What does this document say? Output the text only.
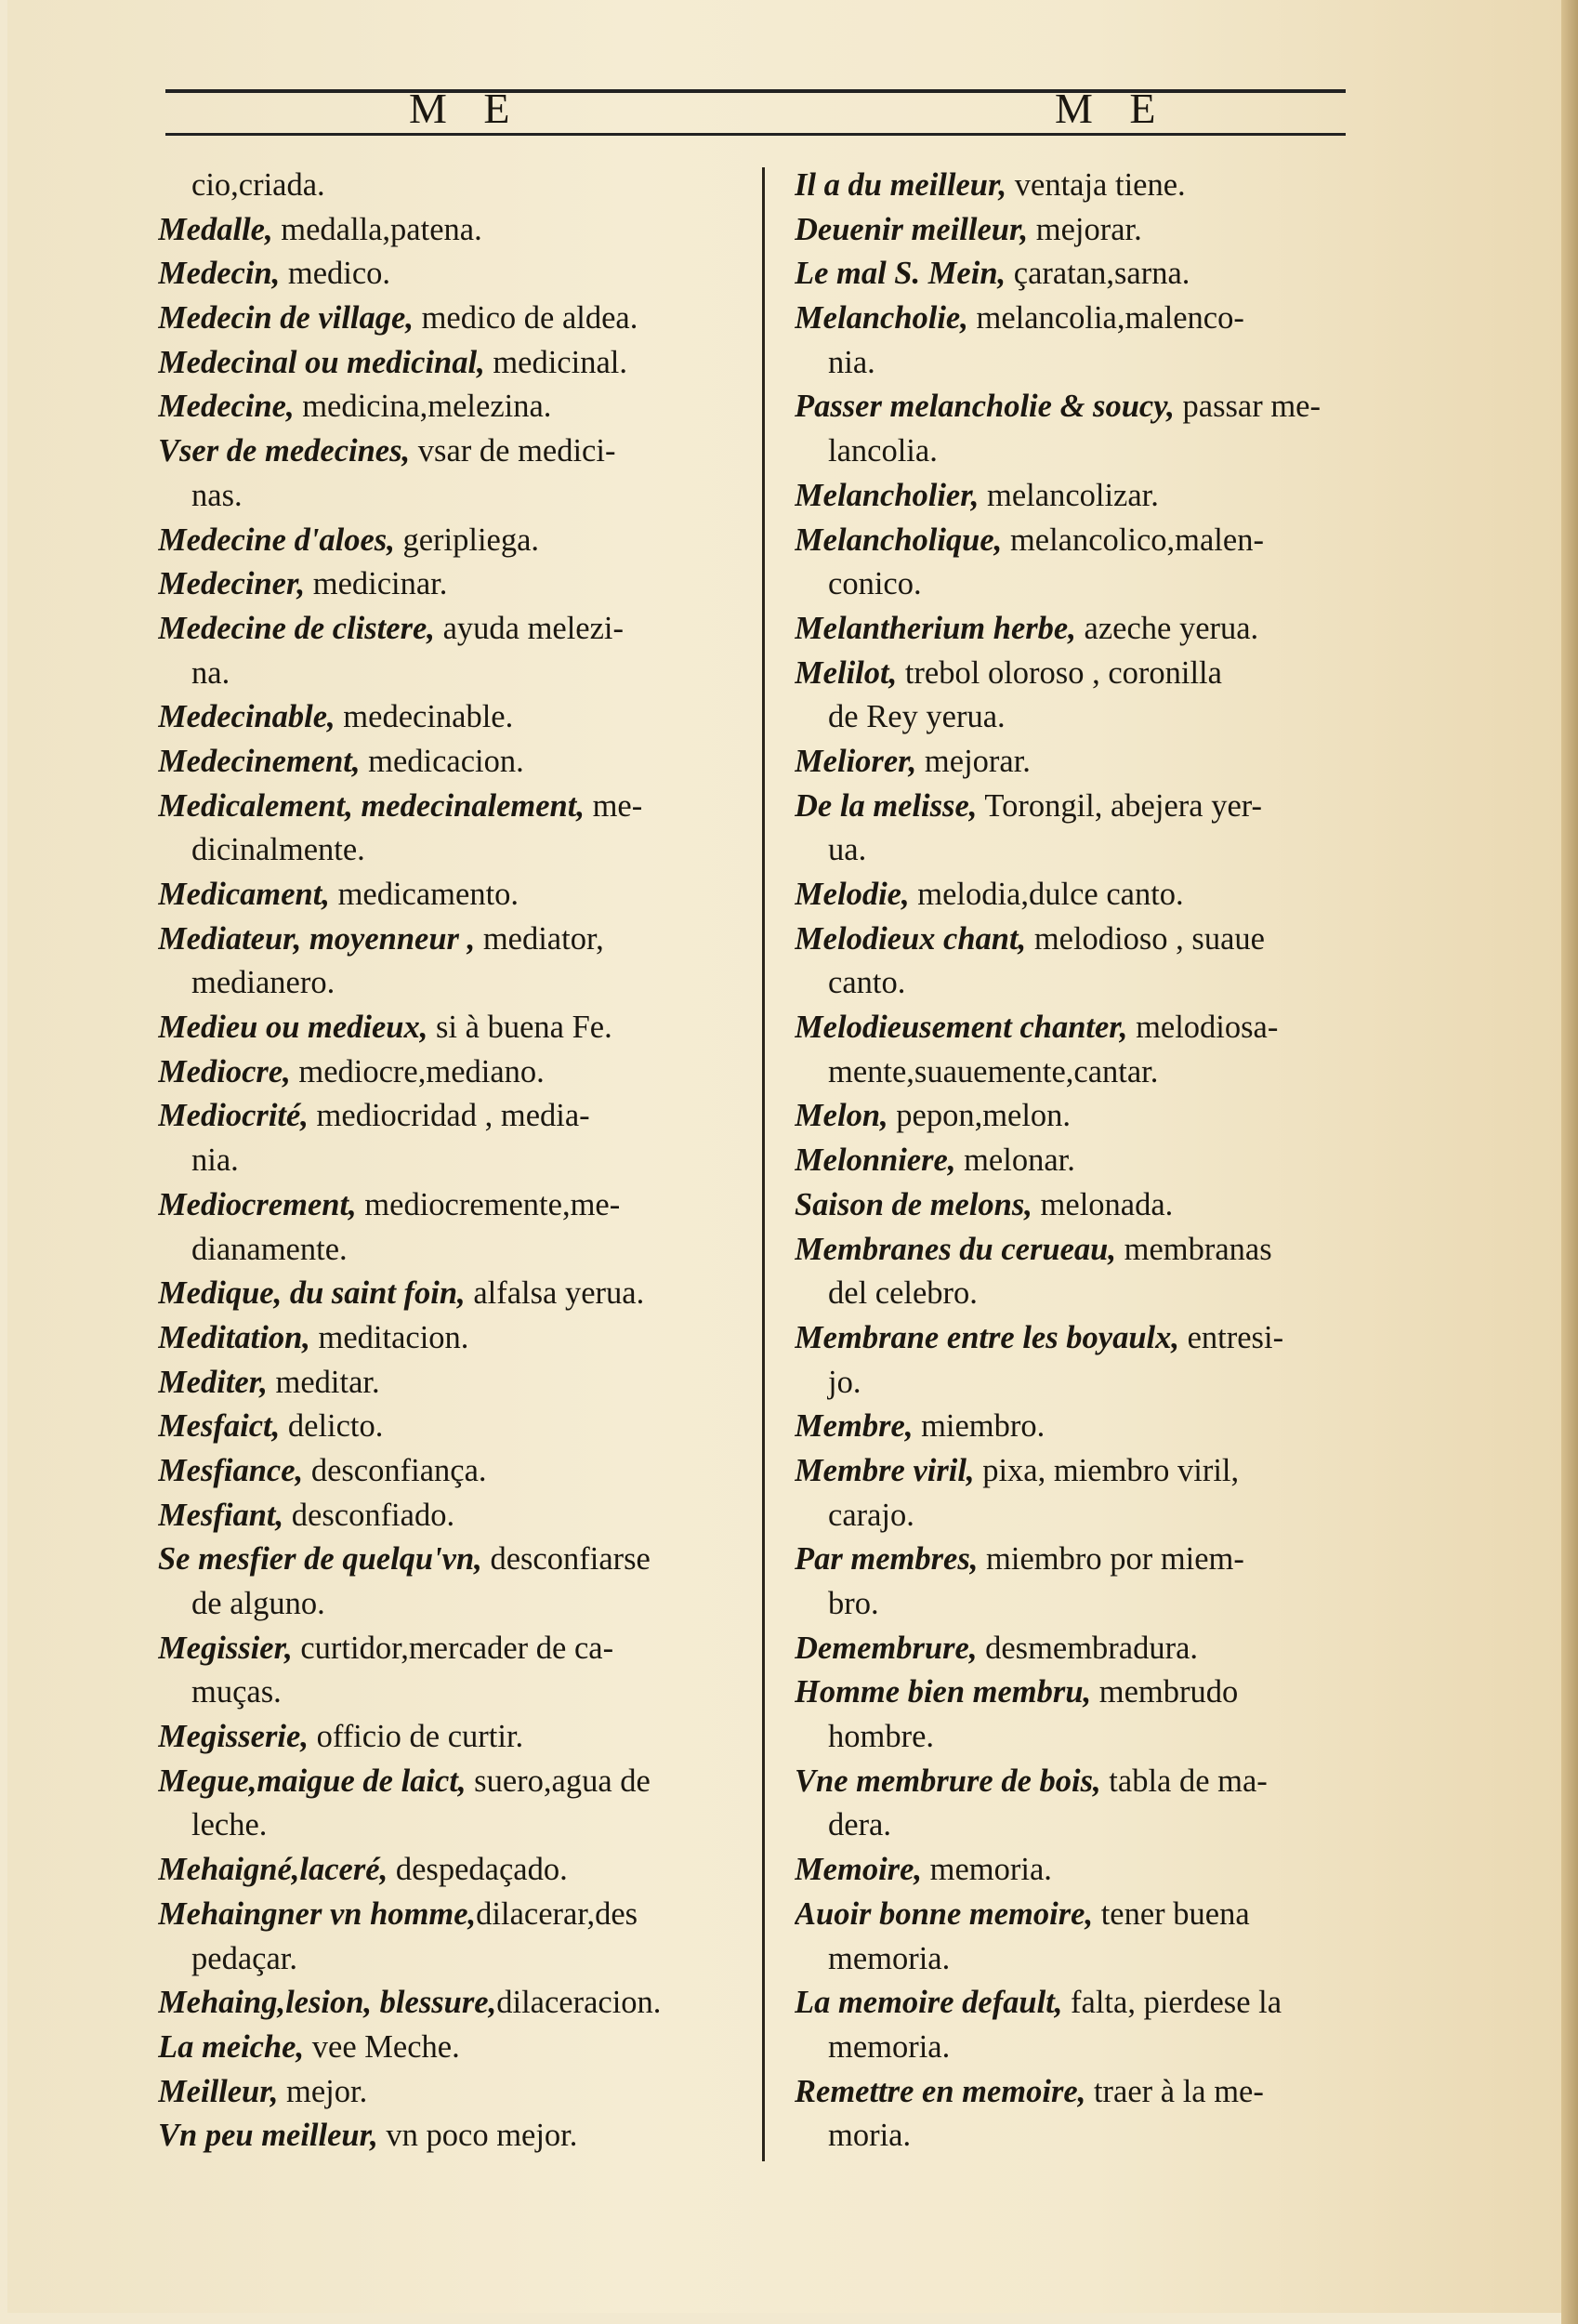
M E	M E
cio,criada.
Medalle, medalla,patena.
Medecin, medico.
Medecin de village, medico de aldea.
Medecinal ou medicinal, medicinal.
Medecine, medicina,melezina.
Vser de medecines, vsar de medici-
nas.
Medecine d'aloes, geripliega.
Medeciner, medicinar.
Medecine de clistere, ayuda melezi-
na.
Medecinable, medecinable.
Medecinement, medicacion.
Medicalement, medecinalement, me-
dicinalmente.
Medicament, medicamento.
Mediateur, moyenneur , mediator,
medianero.
Medieu ou medieux, si à buena Fe.
Mediocre, mediocre,mediano.
Mediocrité, mediocridad , media-
nia.
Mediocrement, mediocremente,me-
dianamente.
Medique, du saint foin, alfalsa yerua.
Meditation, meditacion.
Mediter, meditar.
Mesfaict, delicto.
Mesfiance, desconfiança.
Mesfiant, desconfiado.
Se mesfier de quelqu'vn, desconfiarse
de alguno.
Megissier, curtidor,mercader de ca-
muças.
Megisserie, officio de curtir.
Megue,maigue de laict, suero,agua de
leche.
Mehaigné,laceré, despedaçado.
Mehaingner vn homme,dilacerar,des
pedaçar.
Mehaing,lesion, blessure,dilaceracion.
La meiche, vee Meche.
Meilleur, mejor.
Vn peu meilleur, vn poco mejor.
Il a du meilleur, ventaja tiene.
Deuenir meilleur, mejorar.
Le mal S. Mein, çaratan,sarna.
Melancholie, melancolia,malenco-
nia.
Passer melancholie & soucy, passar me-
lancolia.
Melancholier, melancolizar.
Melancholique, melancolico,malen-
conico.
Melantherium herbe, azeche yerua.
Melilot, trebol oloroso , coronilla
de Rey yerua.
Meliorer, mejorar.
De la melisse, Torongil, abejera yer-
ua.
Melodie, melodia,dulce canto.
Melodieux chant, melodioso , suaue
canto.
Melodieusement chanter, melodiosa-
mente,suauemente,cantar.
Melon, pepon,melon.
Melonniere, melonar.
Saison de melons, melonada.
Membranes du cerueau, membranas
del celebro.
Membrane entre les boyaulx, entresi-
jo.
Membre, miembro.
Membre viril, pixa, miembro viril,
carajo.
Par membres, miembro por miem-
bro.
Demembrure, desmembradura.
Homme bien membru, membrudo
hombre.
Vne membrure de bois, tabla de ma-
dera.
Memoire, memoria.
Auoir bonne memoire, tener buena
memoria.
La memoire default, falta, pierdese la
memoria.
Remettre en memoire, traer à la me-
moria.
